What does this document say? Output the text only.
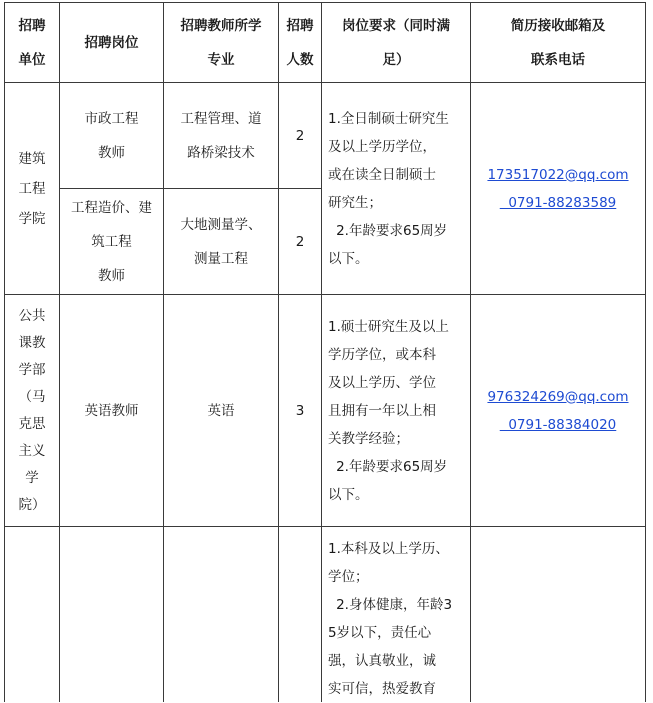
招聘
单位
招聘岗位
招聘教师所学
专业
招聘
人数
岗位要求（同时满
足）
简历接收邮箱及
联系电话
建筑
工程
学院
市政工程
教师
工程管理、道
路桥梁技术
2
工程造价、建
筑工程
教师
大地测量学、
测量工程
2
1.全日制硕士研究生
及以上学历学位，
或在读全日制硕士
研究生；
2.年龄要求65周岁
以下。
173517022@qq.com
0791-88283589
公共
课教
学部
（马
克思
主义
学
院）
英语教师	英语	3
1.硕士研究生及以上
学历学位，或本科
及以上学历、学位
且拥有一年以上相
关教学经验；
2.年龄要求65周岁
以下。
976324269@qq.com
0791-88384020
1.本科及以上学历、
学位；
2.身体健康，年龄3
5岁以下，责任心
强，认真敬业，诚
实可信，热爱教育
